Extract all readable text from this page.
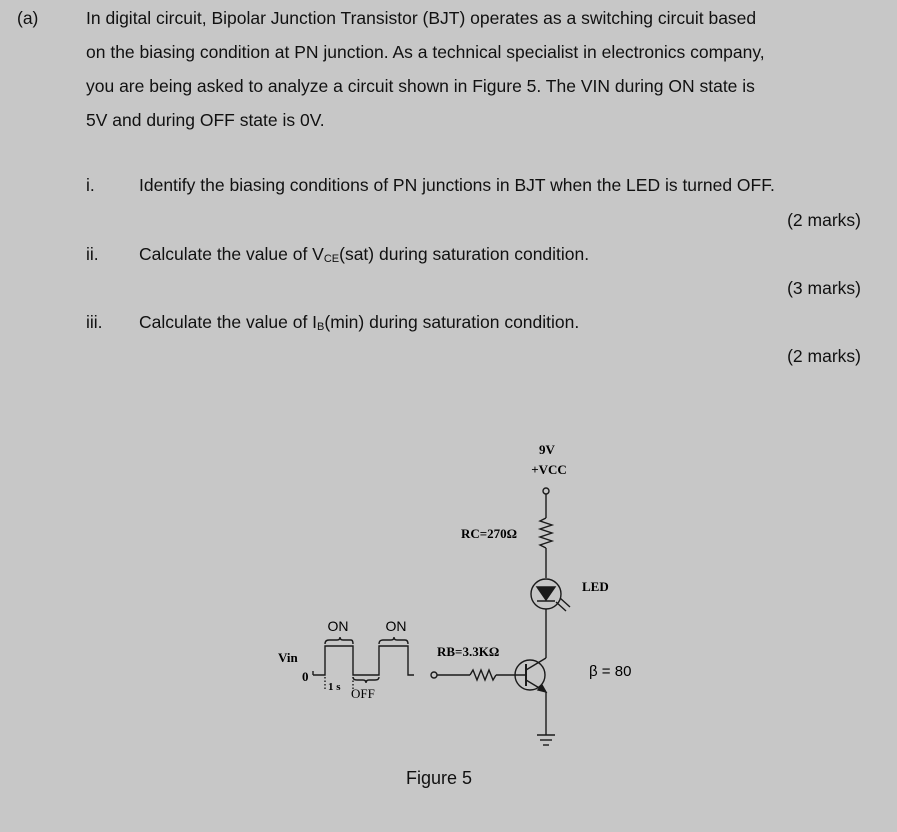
(a)	In digital circuit, Bipolar Junction Transistor (BJT) operates as a switching circuit based
on the biasing condition at PN junction. As a technical specialist in electronics company,
you are being asked to analyze a circuit shown in Figure 5. The VIN during ON state is
5V and during OFF state is 0V.
i.	Identify the biasing conditions of PN junctions in BJT when the LED is turned OFF.
(2 marks)
ii. Calculate the value of $V_{CE}(sat)$ during saturation condition.
(3 marks)
iii. Calculate the value of $I_B(\min)$ during saturation condition.
(2 marks)
9V
+VCC
RC=270Ω
LED
RB=3.3KΩ
β = 80
Vin
0
ON	ON
1 s OFF
Figure 5
